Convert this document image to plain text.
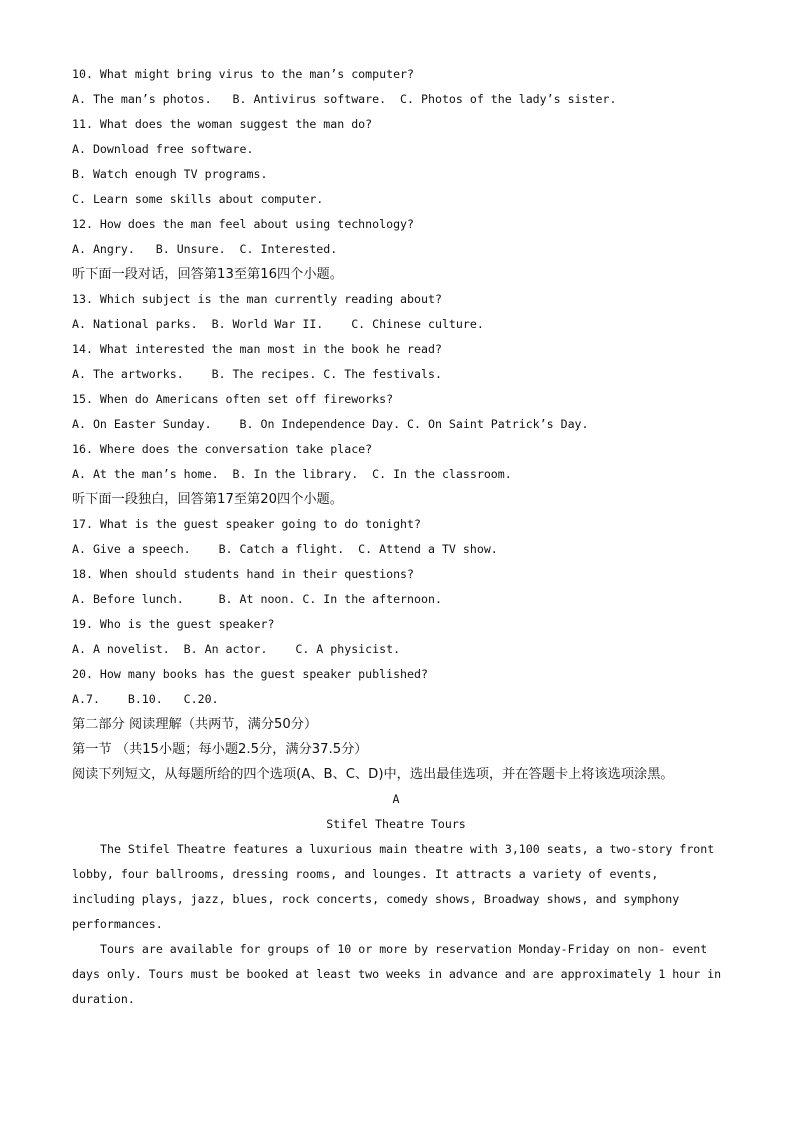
10. What might bring virus to the man’s computer?
A. The man’s photos.   B. Antivirus software.  C. Photos of the lady’s sister.
11. What does the woman suggest the man do?
A. Download free software.
B. Watch enough TV programs.
C. Learn some skills about computer.
12. How does the man feel about using technology?
A. Angry.   B. Unsure.  C. Interested.
听下面一段对话，回答第13至第16四个小题。
13. Which subject is the man currently reading about?
A. National parks.  B. World War II.    C. Chinese culture.
14. What interested the man most in the book he read?
A. The artworks.    B. The recipes. C. The festivals.
15. When do Americans often set off fireworks?
A. On Easter Sunday.    B. On Independence Day. C. On Saint Patrick’s Day.
16. Where does the conversation take place?
A. At the man’s home.  B. In the library.  C. In the classroom.
听下面一段独白，回答第17至第20四个小题。
17. What is the guest speaker going to do tonight?
A. Give a speech.    B. Catch a flight.  C. Attend a TV show.
18. When should students hand in their questions?
A. Before lunch.     B. At noon. C. In the afternoon.
19. Who is the guest speaker?
A. A novelist.  B. An actor.    C. A physicist.
20. How many books has the guest speaker published?
A.7.    B.10.   C.20.
第二部分 阅读理解（共两节，满分50分）
第一节 （共15小题；每小题2.5分，满分37.5分）
阅读下列短文，从每题所给的四个选项(A、B、C、D)中，选出最佳选项，并在答题卡上将该选项涂黑。
A
Stifel Theatre Tours

The Stifel Theatre features a luxurious main theatre with 3,100 seats, a two-story front lobby, four ballrooms, dressing rooms, and lounges. It attracts a variety of events, including plays, jazz, blues, rock concerts, comedy shows, Broadway shows, and symphony performances.

Tours are available for groups of 10 or more by reservation Monday-Friday on non- event days only. Tours must be booked at least two weeks in advance and are approximately 1 hour in duration.
